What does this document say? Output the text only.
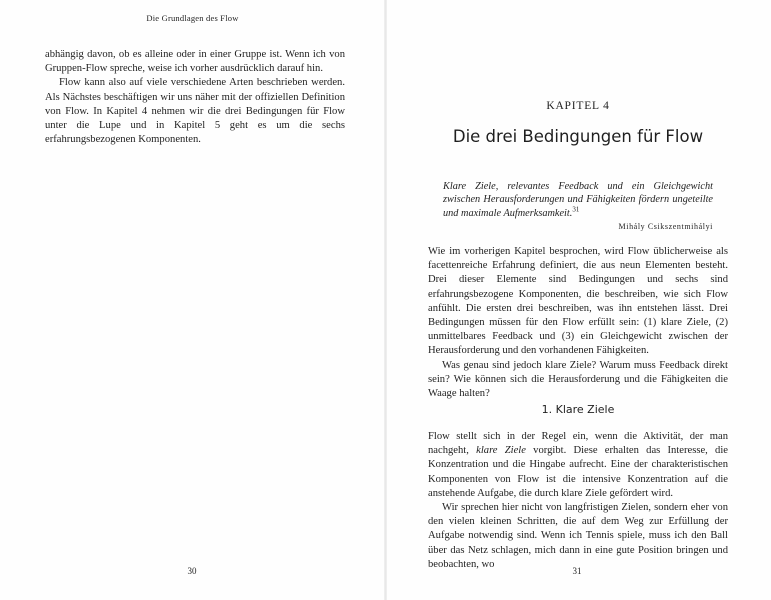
Die Grundlagen des Flow
30

abhängig davon, ob es alleine oder in einer Gruppe ist. Wenn ich von Gruppen-Flow spreche, weise ich vorher ausdrücklich darauf hin.

Flow kann also auf viele verschiedene Arten beschrieben werden. Als Nächstes beschäftigen wir uns näher mit der offiziellen Definition von Flow. In Kapitel 4 nehmen wir die drei Bedingungen für Flow unter die Lupe und in Kapitel 5 geht es um die sechs erfahrungsbezogenen Komponenten.

31
KAPITEL 4
Die drei Bedingungen für Flow

Klare Ziele, relevantes Feedback und ein Gleichgewicht zwischen Herausforderungen und Fähigkeiten fördern ungeteilte und maximale Aufmerksamkeit.$^{31}$

Mihály Csikszentmihályi

Wie im vorherigen Kapitel besprochen, wird Flow üblicherweise als facettenreiche Erfahrung definiert, die aus neun Elementen besteht. Drei dieser Elemente sind Bedingungen und sechs sind erfahrungsbezogene Komponenten, die beschreiben, wie sich Flow anfühlt. Die ersten drei beschreiben, was ihn entstehen lässt. Drei Bedingungen müssen für den Flow erfüllt sein: (1) klare Ziele, (2) unmittelbares Feedback und (3) ein Gleichgewicht zwischen der Herausforderung und den vorhandenen Fähigkeiten.

Was genau sind jedoch klare Ziele? Warum muss Feedback direkt sein? Wie können sich die Herausforderung und die Fähigkeiten die Waage halten?

1. Klare Ziele

Flow stellt sich in der Regel ein, wenn die Aktivität, der man nachgeht, klare Ziele vorgibt. Diese erhalten das Interesse, die Konzentration und die Hingabe aufrecht. Eine der charakteristischen Komponenten von Flow ist die intensive Konzentration auf die anstehende Aufgabe, die durch klare Ziele gefördert wird.

Wir sprechen hier nicht von langfristigen Zielen, sondern eher von den vielen kleinen Schritten, die auf dem Weg zur Erfüllung der Aufgabe notwendig sind. Wenn ich Tennis spiele, muss ich den Ball über das Netz schlagen, mich dann in eine gute Position bringen und beobachten, wo
